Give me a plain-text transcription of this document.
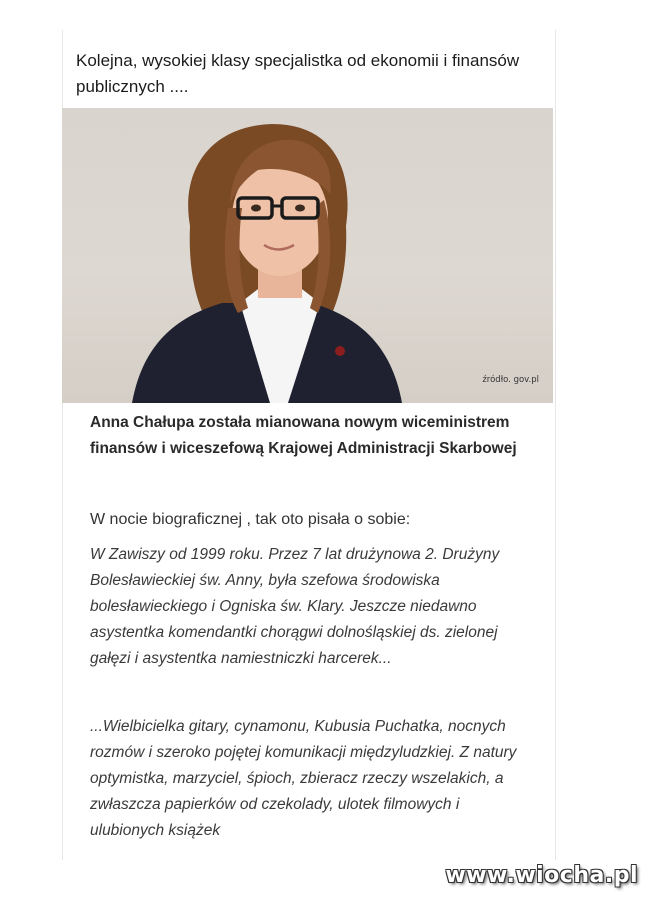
Kolejna, wysokiej klasy specjalistka od ekonomii i finansów publicznych ....
źródło. gov.pl
Anna Chałupa została mianowana nowym wiceministrem finansów i wiceszefową Krajowej Administracji Skarbowej
W nocie biograficznej , tak oto pisała o sobie:
W Zawiszy od 1999 roku. Przez 7 lat drużynowa 2. Drużyny Bolesławieckiej św. Anny, była szefowa środowiska bolesławieckiego i Ogniska św. Klary. Jeszcze niedawno asystentka komendantki chorągwi dolnośląskiej ds. zielonej gałęzi i asystentka namiestniczki harcerek...
...Wielbicielka gitary, cynamonu, Kubusia Puchatka, nocnych rozmów i szeroko pojętej komunikacji międzyludzkiej. Z natury optymistka, marzyciel, śpioch, zbieracz rzeczy wszelakich, a zwłaszcza papierków od czekolady, ulotek filmowych i ulubionych książek
www.wiocha.pl
